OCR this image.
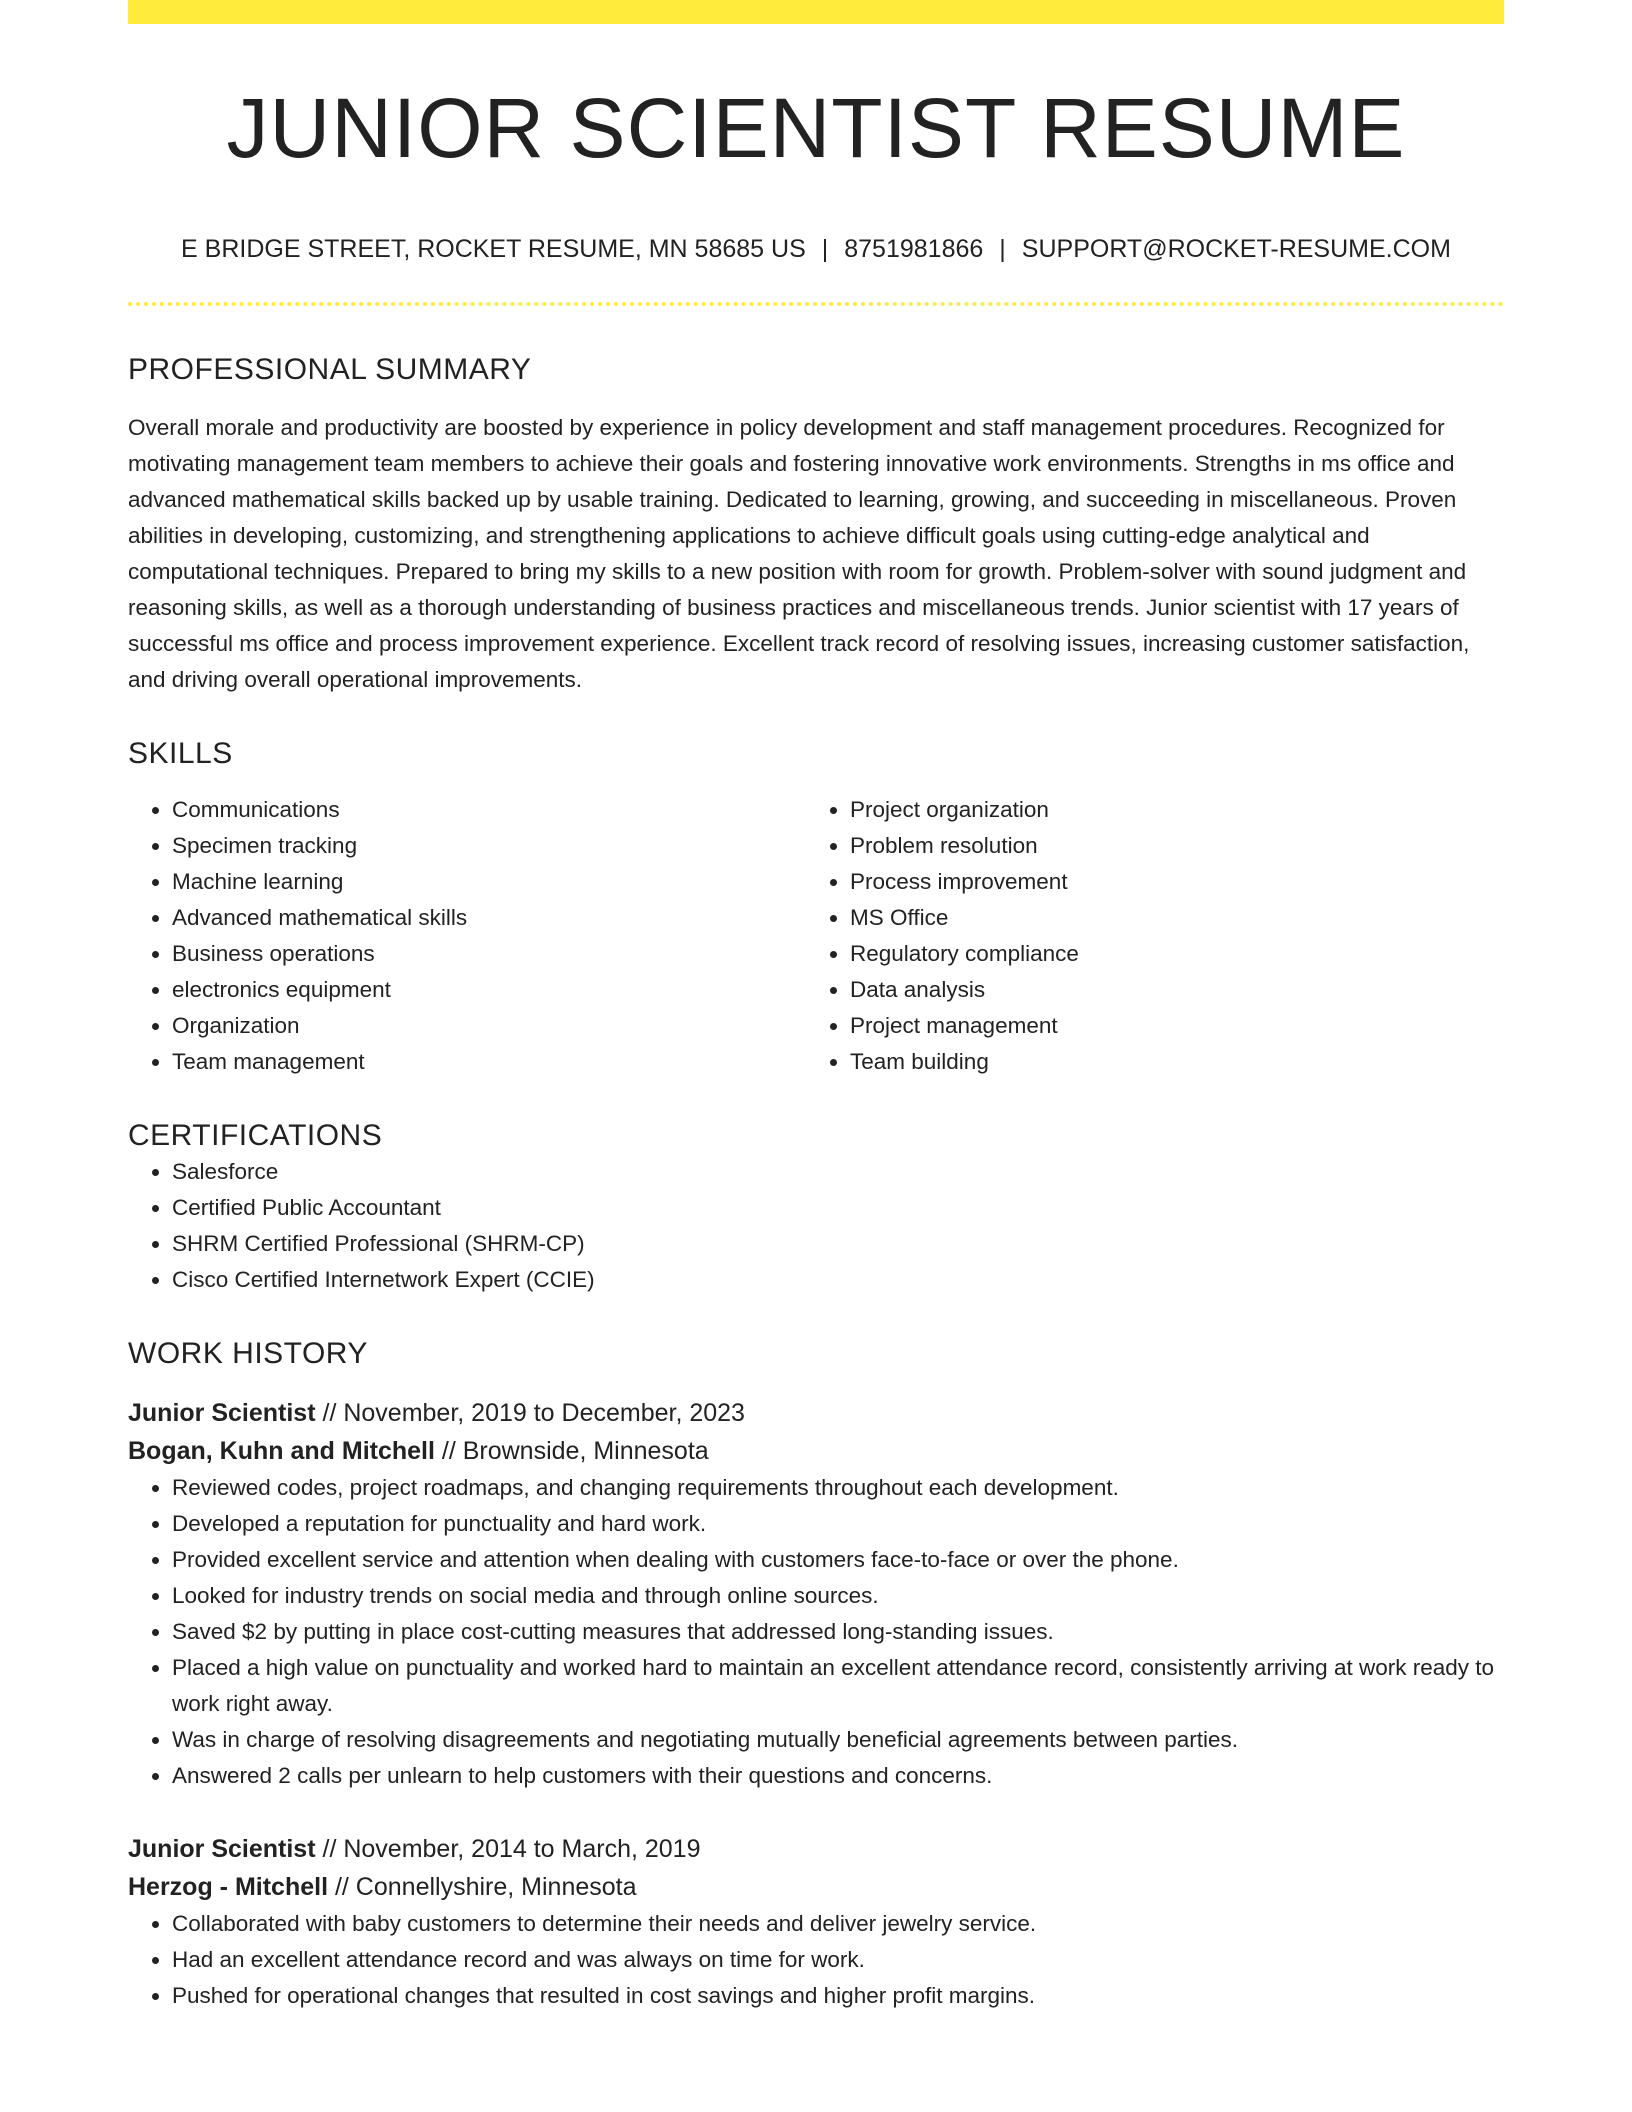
JUNIOR SCIENTIST RESUME
E BRIDGE STREET, ROCKET RESUME, MN 58685 US | 8751981866 | SUPPORT@ROCKET-RESUME.COM
PROFESSIONAL SUMMARY
Overall morale and productivity are boosted by experience in policy development and staff management procedures. Recognized for motivating management team members to achieve their goals and fostering innovative work environments. Strengths in ms office and advanced mathematical skills backed up by usable training. Dedicated to learning, growing, and succeeding in miscellaneous. Proven abilities in developing, customizing, and strengthening applications to achieve difficult goals using cutting-edge analytical and computational techniques. Prepared to bring my skills to a new position with room for growth. Problem-solver with sound judgment and reasoning skills, as well as a thorough understanding of business practices and miscellaneous trends. Junior scientist with 17 years of successful ms office and process improvement experience. Excellent track record of resolving issues, increasing customer satisfaction, and driving overall operational improvements.
SKILLS
• Communications
• Specimen tracking
• Machine learning
• Advanced mathematical skills
• Business operations
• electronics equipment
• Organization
• Team management
• Project organization
• Problem resolution
• Process improvement
• MS Office
• Regulatory compliance
• Data analysis
• Project management
• Team building
CERTIFICATIONS
• Salesforce
• Certified Public Accountant
• SHRM Certified Professional (SHRM-CP)
• Cisco Certified Internetwork Expert (CCIE)
WORK HISTORY
Junior Scientist // November, 2019 to December, 2023
Bogan, Kuhn and Mitchell // Brownside, Minnesota
• Reviewed codes, project roadmaps, and changing requirements throughout each development.
• Developed a reputation for punctuality and hard work.
• Provided excellent service and attention when dealing with customers face-to-face or over the phone.
• Looked for industry trends on social media and through online sources.
• Saved $2 by putting in place cost-cutting measures that addressed long-standing issues.
• Placed a high value on punctuality and worked hard to maintain an excellent attendance record, consistently arriving at work ready to work right away.
• Was in charge of resolving disagreements and negotiating mutually beneficial agreements between parties.
• Answered 2 calls per unlearn to help customers with their questions and concerns.
Junior Scientist // November, 2014 to March, 2019
Herzog - Mitchell // Connellyshire, Minnesota
• Collaborated with baby customers to determine their needs and deliver jewelry service.
• Had an excellent attendance record and was always on time for work.
• Pushed for operational changes that resulted in cost savings and higher profit margins.
